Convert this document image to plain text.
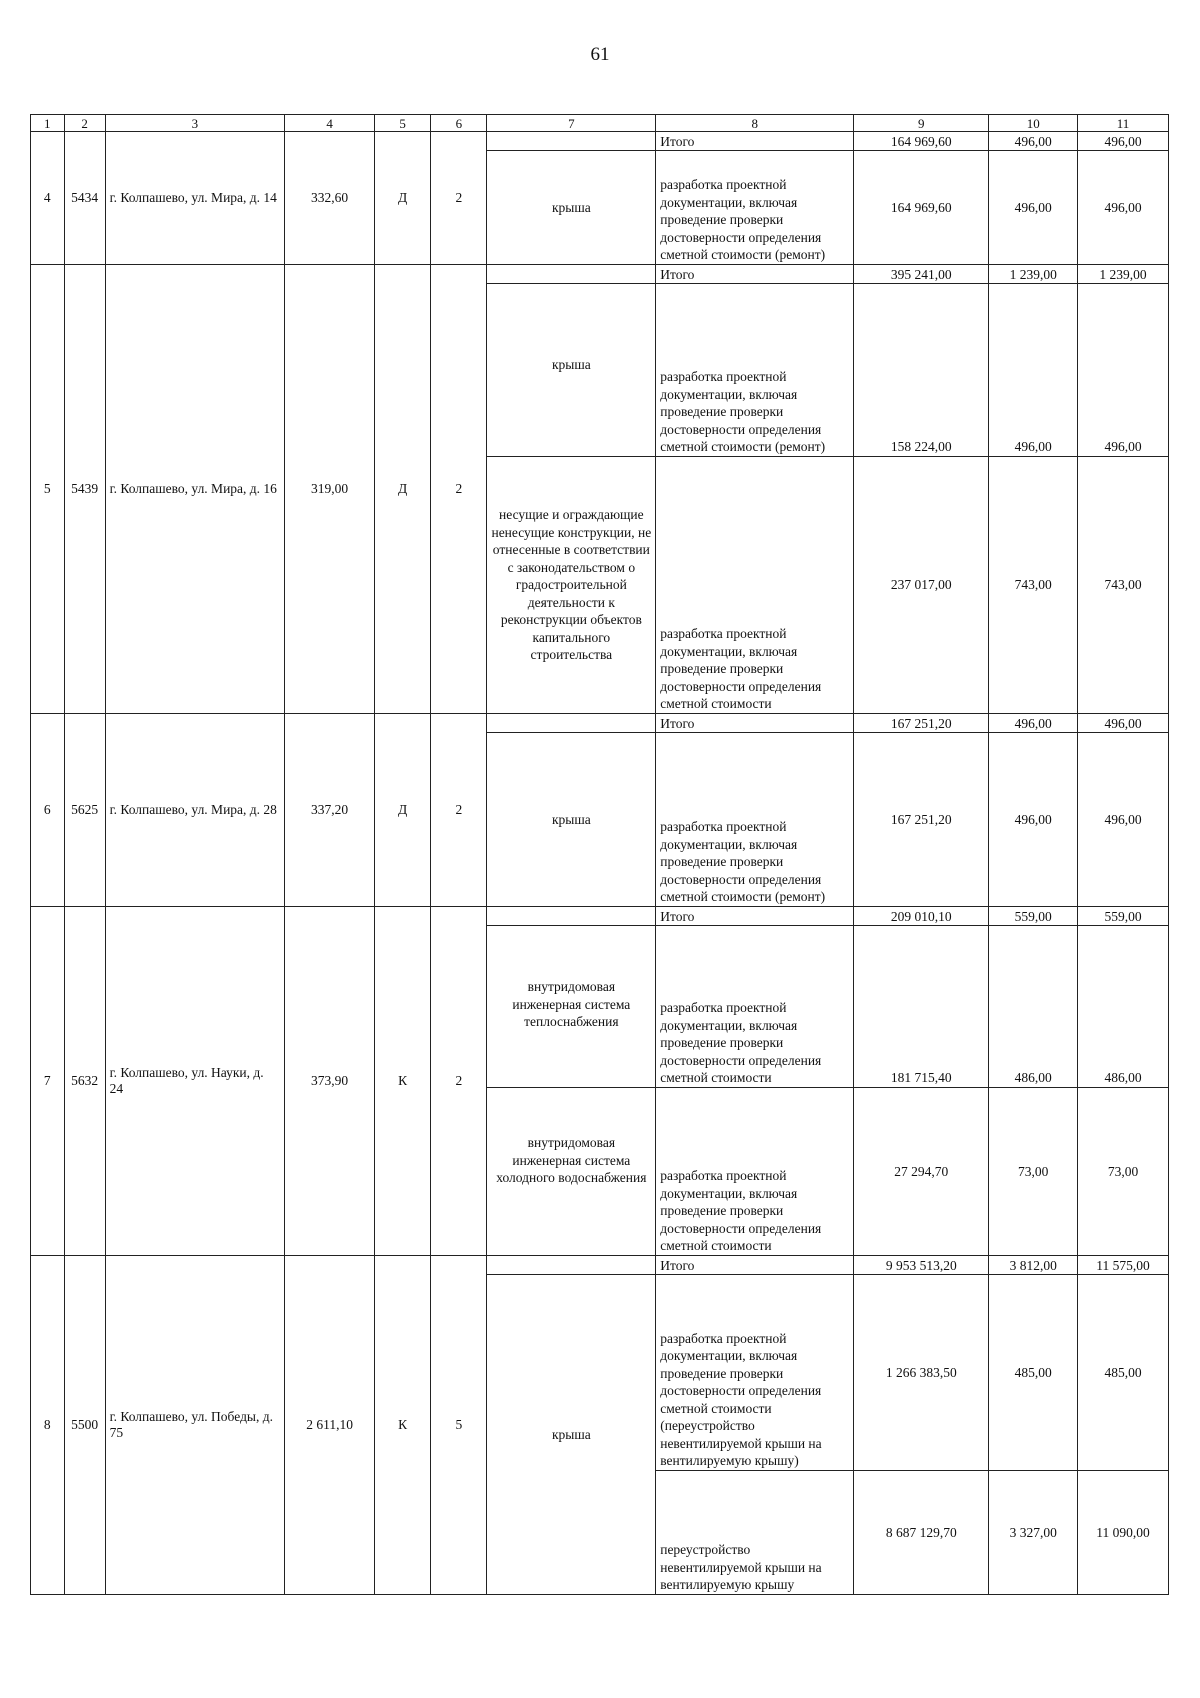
61
1	2	3	4	5	6	7	8	9	10	11
4	5434	г. Колпашево, ул. Мира, д. 14	332,60	Д	2		Итого	164 969,60	496,00	496,00
						крыша	разработка проектной документации, включая проведение проверки достоверности определения сметной стоимости (ремонт)	164 969,60	496,00	496,00
5	5439	г. Колпашево, ул. Мира, д. 16	319,00	Д	2		Итого	395 241,00	1 239,00	1 239,00
						крыша	разработка проектной документации, включая проведение проверки достоверности определения сметной стоимости (ремонт)	158 224,00	496,00	496,00
						несущие и ограждающие ненесущие конструкции, не отнесенные в соответствии с законодательством о градостроительной деятельности к реконструкции объектов капитального строительства	разработка проектной документации, включая проведение проверки достоверности определения сметной стоимости	237 017,00	743,00	743,00
6	5625	г. Колпашево, ул. Мира, д. 28	337,20	Д	2		Итого	167 251,20	496,00	496,00
						крыша	разработка проектной документации, включая проведение проверки достоверности определения сметной стоимости (ремонт)	167 251,20	496,00	496,00
7	5632	г. Колпашево, ул. Науки, д. 24	373,90	К	2		Итого	209 010,10	559,00	559,00
						внутридомовая инженерная система теплоснабжения	разработка проектной документации, включая проведение проверки достоверности определения сметной стоимости	181 715,40	486,00	486,00
						внутридомовая инженерная система холодного водоснабжения	разработка проектной документации, включая проведение проверки достоверности определения сметной стоимости	27 294,70	73,00	73,00
8	5500	г. Колпашево, ул. Победы, д. 75	2 611,10	К	5		Итого	9 953 513,20	3 812,00	11 575,00
						крыша	разработка проектной документации, включая проведение проверки достоверности определения сметной стоимости (переустройство невентилируемой крыши на вентилируемую крышу)	1 266 383,50	485,00	485,00
							переустройство невентилируемой крыши на вентилируемую крышу	8 687 129,70	3 327,00	11 090,00
